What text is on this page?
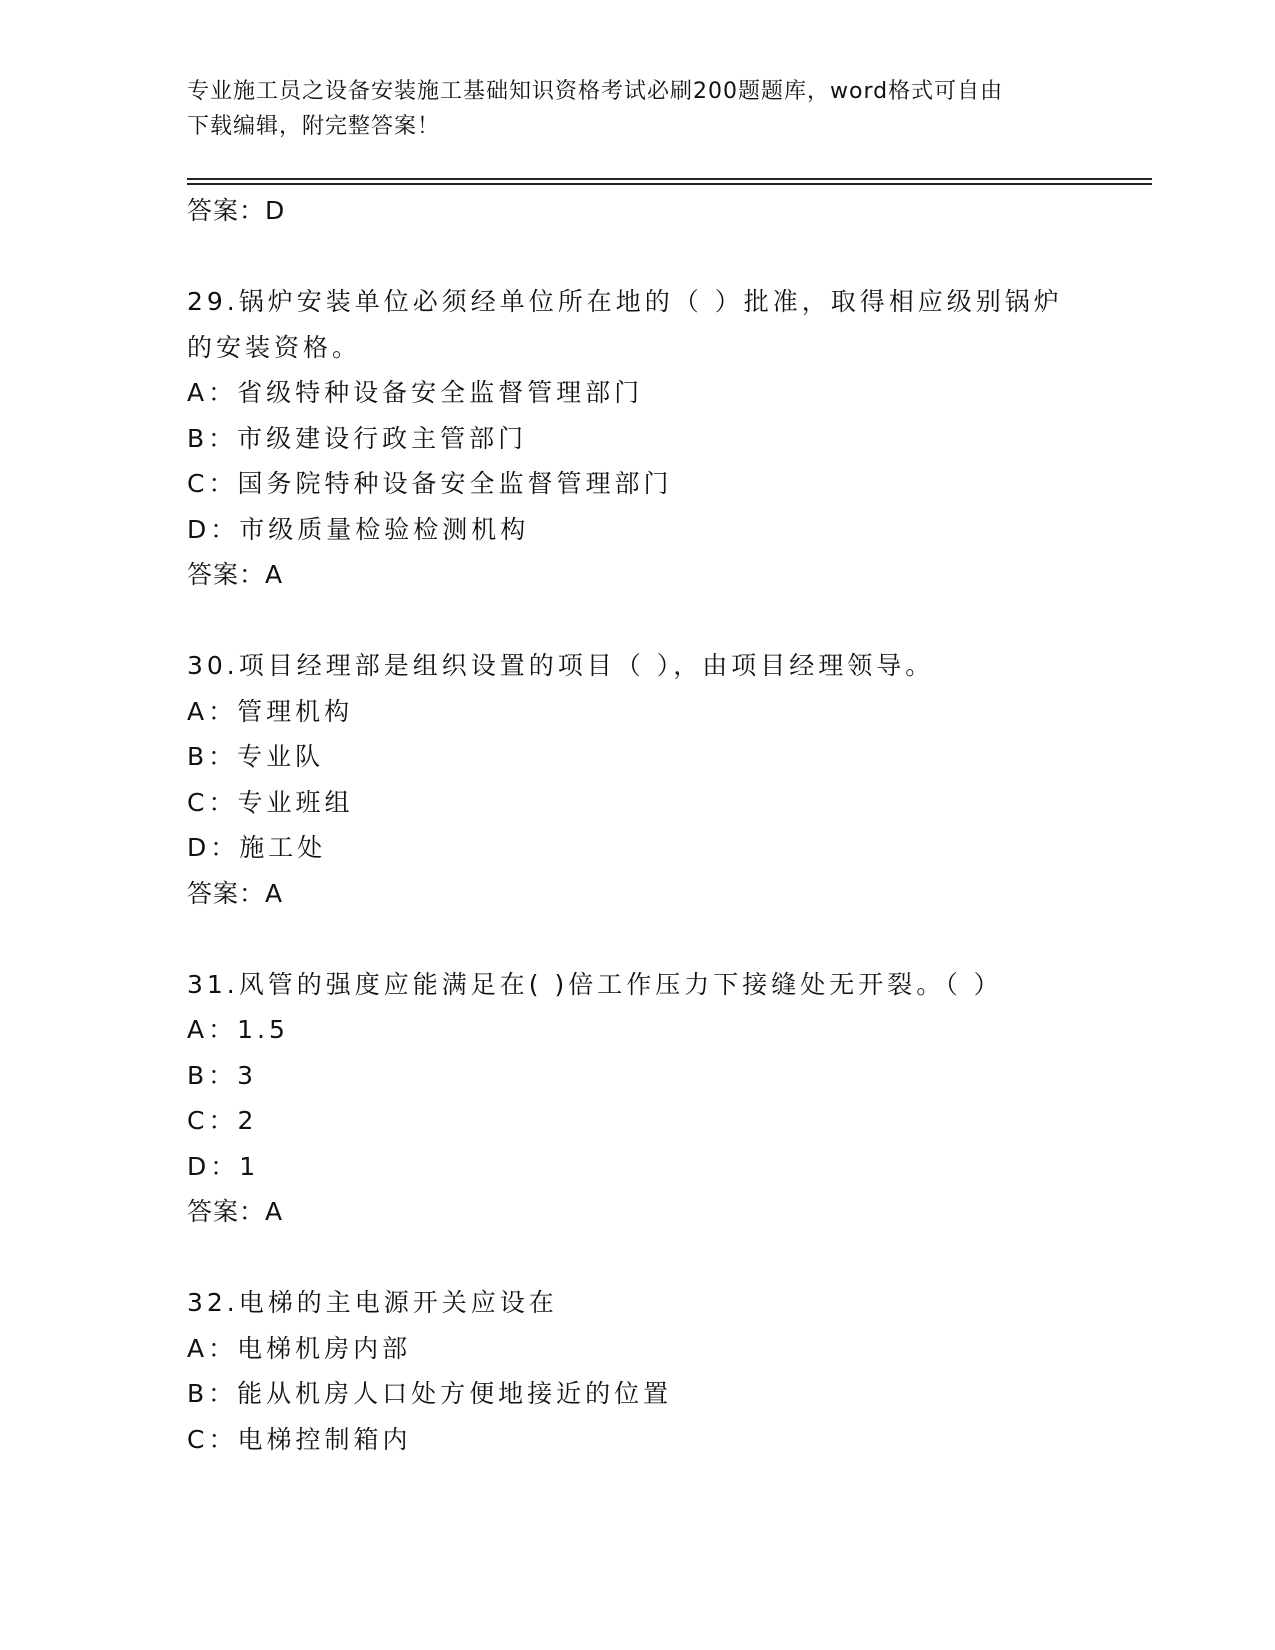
专业施工员之设备安装施工基础知识资格考试必刷200题题库，word格式可自由
下载编辑，附完整答案！
答案：D
29.锅炉安装单位必须经单位所在地的（ ）批准，取得相应级别锅炉
的安装资格。
A：省级特种设备安全监督管理部门
B：市级建设行政主管部门
C：国务院特种设备安全监督管理部门
D：市级质量检验检测机构
答案：A
30.项目经理部是组织设置的项目（ ），由项目经理领导。
A：管理机构
B：专业队
C：专业班组
D：施工处
答案：A
31.风管的强度应能满足在( )倍工作压力下接缝处无开裂。（ ）
A：1.5
B：3
C：2
D：1
答案：A
32.电梯的主电源开关应设在
A：电梯机房内部
B：能从机房人口处方便地接近的位置
C：电梯控制箱内
